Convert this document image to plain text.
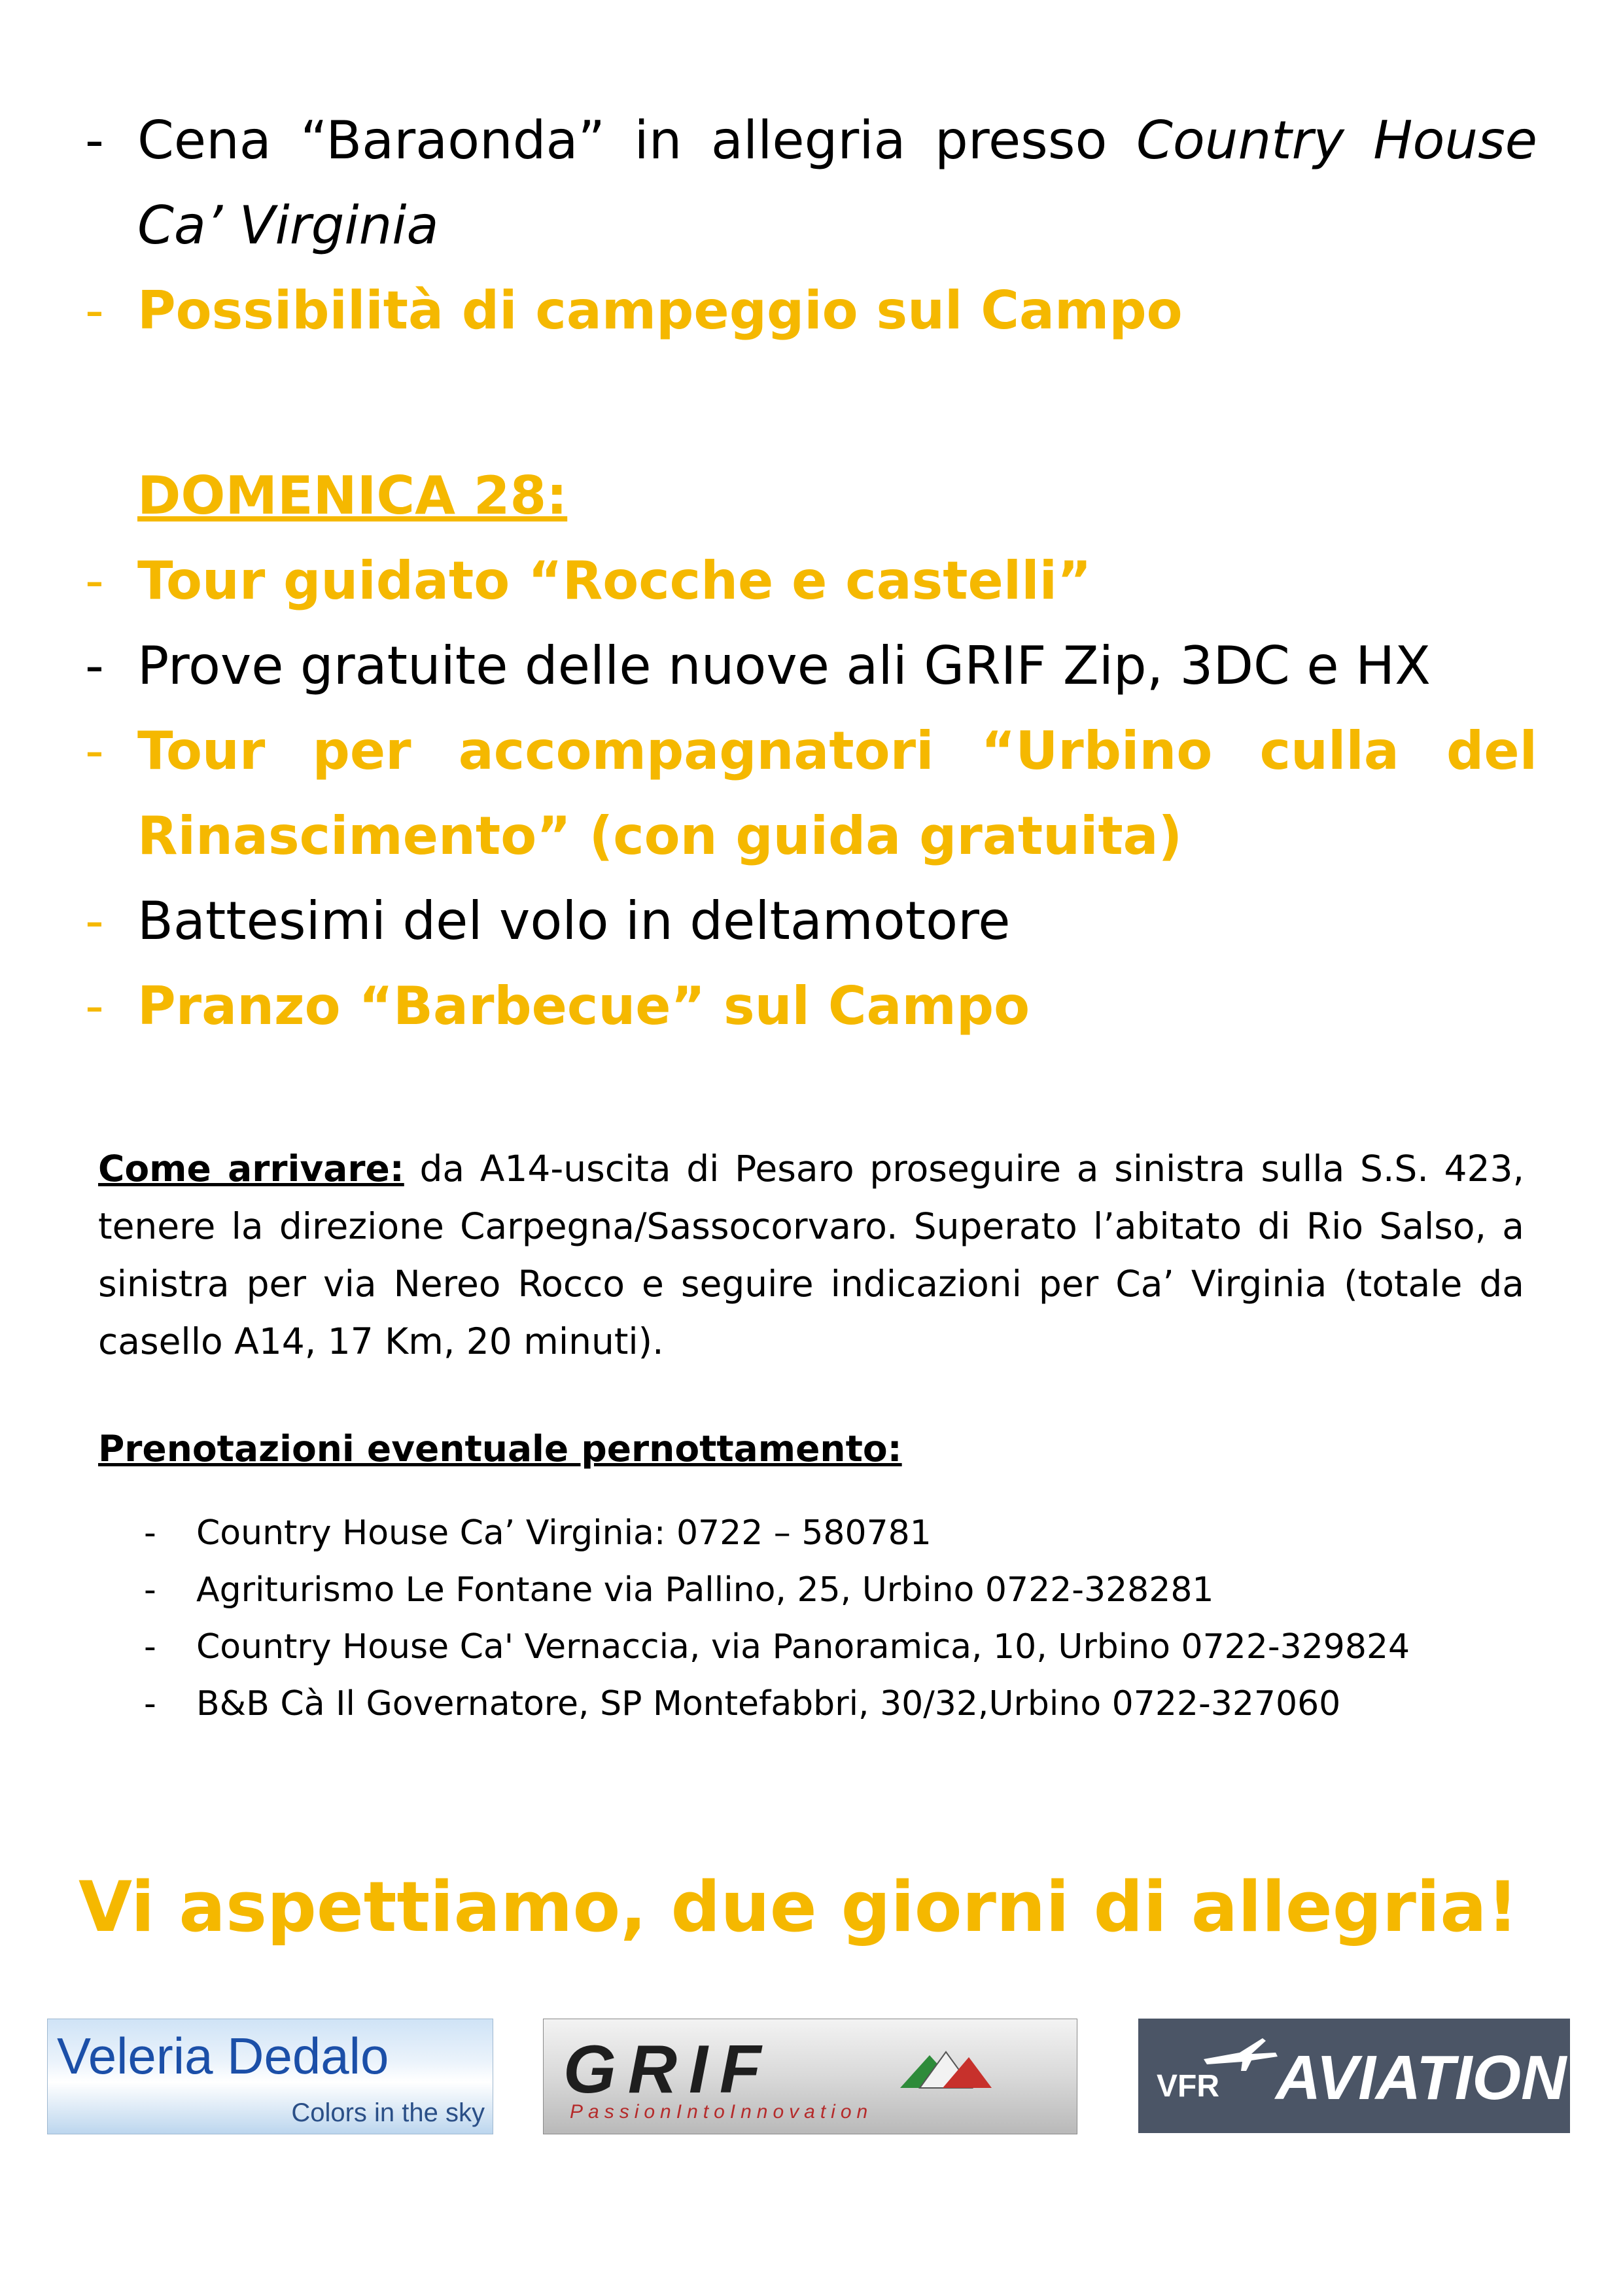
- Cena “Baraonda” in allegria presso Country House
Ca’ Virginia
- Possibilità di campeggio sul Campo
DOMENICA 28:
- Tour guidato “Rocche e castelli”
- Prove gratuite delle nuove ali GRIF Zip, 3DC e HX
- Tour per accompagnatori “Urbino culla del
Rinascimento” (con guida gratuita)
- Battesimi del volo in deltamotore
- Pranzo “Barbecue” sul Campo
Come arrivare: da A14-uscita di Pesaro proseguire a sinistra sulla S.S. 423, tenere la direzione Carpegna/Sassocorvaro. Superato l’abitato di Rio Salso, a sinistra per via Nereo Rocco e seguire indicazioni per Ca’ Virginia (totale da casello A14, 17 Km, 20 minuti).
Prenotazioni eventuale pernottamento:
- Country House Ca’ Virginia: 0722 – 580781
- Agriturismo Le Fontane via Pallino, 25, Urbino 0722-328281
- Country House Ca' Vernaccia, via Panoramica, 10, Urbino 0722-329824
- B&B Cà Il Governatore, SP Montefabbri, 30/32,Urbino 0722-327060
Vi aspettiamo, due giorni di allegria!
Veleria Dedalo
Colors in the sky
GRIF
PassionIntoInnovation
VFR AVIATION
